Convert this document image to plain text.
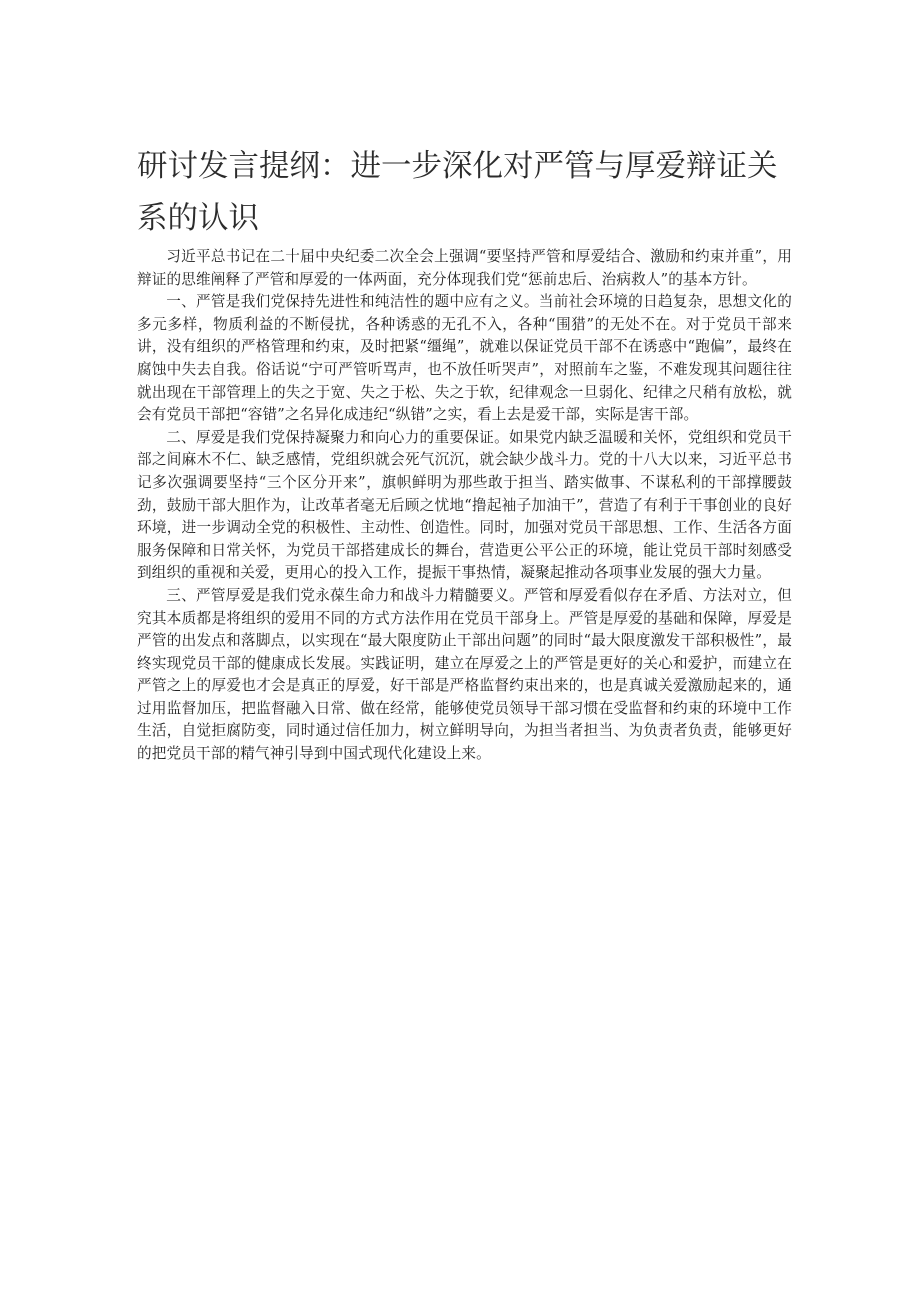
研讨发言提纲：进一步深化对严管与厚爱辩证关系的认识

习近平总书记在二十届中央纪委二次全会上强调“要坚持严管和厚爱结合、激励和约束并重”，用辩证的思维阐释了严管和厚爱的一体两面，充分体现我们党“惩前忠后、治病救人”的基本方针。

一、严管是我们党保持先进性和纯洁性的题中应有之义。当前社会环境的日趋复杂，思想文化的多元多样，物质利益的不断侵扰，各种诱惑的无孔不入，各种“围猎”的无处不在。对于党员干部来讲，没有组织的严格管理和约束，及时把紧“缰绳”，就难以保证党员干部不在诱惑中“跑偏”，最终在腐蚀中失去自我。俗话说“宁可严管听骂声，也不放任听哭声”，对照前车之鉴，不难发现其问题往往就出现在干部管理上的失之于宽、失之于松、失之于软，纪律观念一旦弱化、纪律之尺稍有放松，就会有党员干部把“容错”之名异化成违纪“纵错”之实，看上去是爱干部，实际是害干部。

二、厚爱是我们党保持凝聚力和向心力的重要保证。如果党内缺乏温暖和关怀，党组织和党员干部之间麻木不仁、缺乏感情，党组织就会死气沉沉，就会缺少战斗力。党的十八大以来，习近平总书记多次强调要坚持“三个区分开来”，旗帜鲜明为那些敢于担当、踏实做事、不谋私利的干部撑腰鼓劲，鼓励干部大胆作为，让改革者毫无后顾之忧地“撸起袖子加油干”，营造了有利于干事创业的良好环境，进一步调动全党的积极性、主动性、创造性。同时，加强对党员干部思想、工作、生活各方面服务保障和日常关怀，为党员干部搭建成长的舞台，营造更公平公正的环境，能让党员干部时刻感受到组织的重视和关爱，更用心的投入工作，提振干事热情，凝聚起推动各项事业发展的强大力量。

三、严管厚爱是我们党永葆生命力和战斗力精髓要义。严管和厚爱看似存在矛盾、方法对立，但究其本质都是将组织的爱用不同的方式方法作用在党员干部身上。严管是厚爱的基础和保障，厚爱是严管的出发点和落脚点，以实现在“最大限度防止干部出问题”的同时“最大限度激发干部积极性”，最终实现党员干部的健康成长发展。实践证明，建立在厚爱之上的严管是更好的关心和爱护，而建立在严管之上的厚爱也才会是真正的厚爱，好干部是严格监督约束出来的，也是真诚关爱激励起来的，通过用监督加压，把监督融入日常、做在经常，能够使党员领导干部习惯在受监督和约束的环境中工作生活，自觉拒腐防变，同时通过信任加力，树立鲜明导向，为担当者担当、为负责者负责，能够更好的把党员干部的精气神引导到中国式现代化建设上来。
